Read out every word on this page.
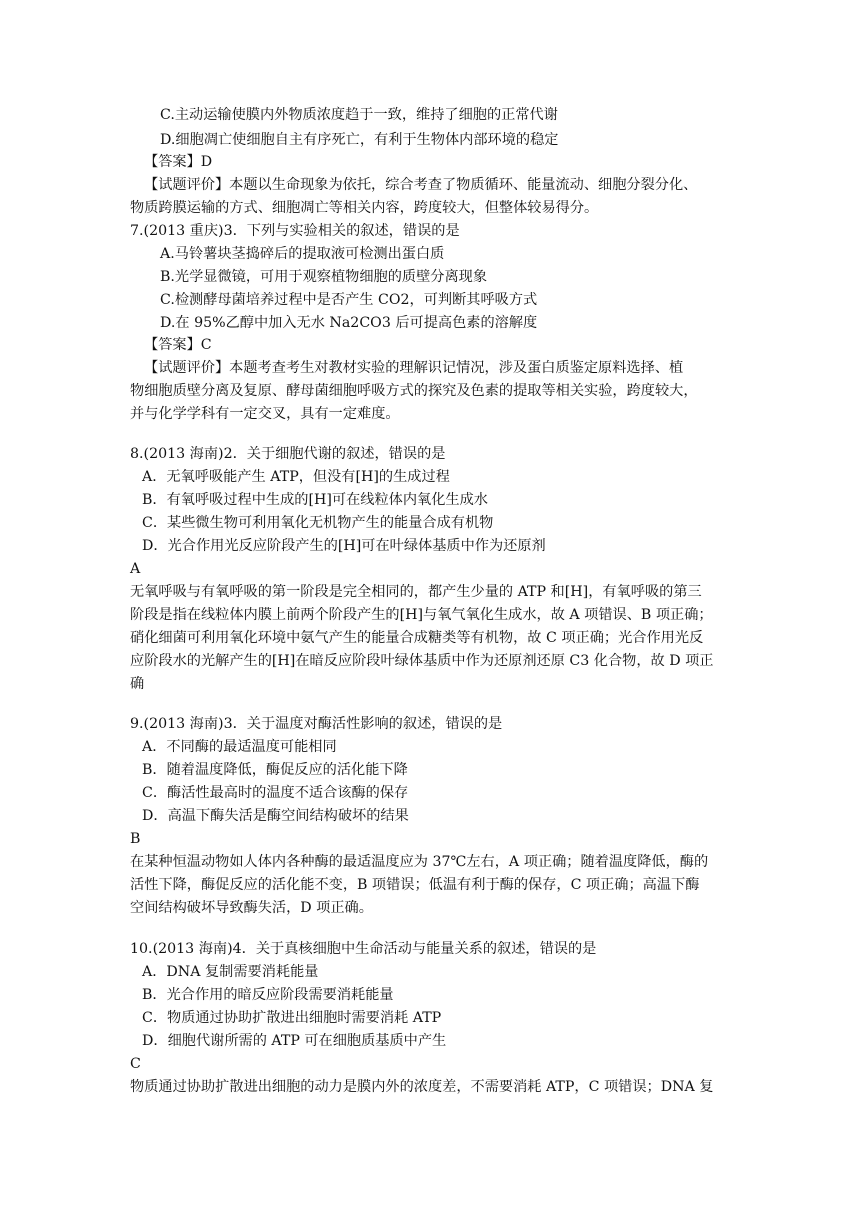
C.主动运输使膜内外物质浓度趋于一致，维持了细胞的正常代谢
D.细胞凋亡使细胞自主有序死亡，有利于生物体内部环境的稳定
【答案】D
【试题评价】本题以生命现象为依托，综合考查了物质循环、能量流动、细胞分裂分化、
物质跨膜运输的方式、细胞凋亡等相关内容，跨度较大，但整体较易得分。
7.(2013 重庆)3．下列与实验相关的叙述，错误的是
A.马铃薯块茎捣碎后的提取液可检测出蛋白质
B.光学显微镜，可用于观察植物细胞的质壁分离现象
C.检测酵母菌培养过程中是否产生 CO2，可判断其呼吸方式
D.在 95%乙醇中加入无水 Na2CO3 后可提高色素的溶解度
【答案】C
【试题评价】本题考查考生对教材实验的理解识记情况，涉及蛋白质鉴定原料选择、植
物细胞质壁分离及复原、酵母菌细胞呼吸方式的探究及色素的提取等相关实验，跨度较大，
并与化学学科有一定交叉，具有一定难度。
8.(2013 海南)2．关于细胞代谢的叙述，错误的是
A．无氧呼吸能产生 ATP，但没有[H]的生成过程
B．有氧呼吸过程中生成的[H]可在线粒体内氧化生成水
C．某些微生物可利用氧化无机物产生的能量合成有机物
D．光合作用光反应阶段产生的[H]可在叶绿体基质中作为还原剂
A
无氧呼吸与有氧呼吸的第一阶段是完全相同的，都产生少量的 ATP 和[H]，有氧呼吸的第三
阶段是指在线粒体内膜上前两个阶段产生的[H]与氧气氧化生成水，故 A 项错误、B 项正确；
硝化细菌可利用氧化环境中氨气产生的能量合成糖类等有机物，故 C 项正确；光合作用光反
应阶段水的光解产生的[H]在暗反应阶段叶绿体基质中作为还原剂还原 C3 化合物，故 D 项正
确
9.(2013 海南)3．关于温度对酶活性影响的叙述，错误的是
A．不同酶的最适温度可能相同
B．随着温度降低，酶促反应的活化能下降
C．酶活性最高时的温度不适合该酶的保存
D．高温下酶失活是酶空间结构破坏的结果
B
在某种恒温动物如人体内各种酶的最适温度应为 37℃左右，A 项正确；随着温度降低，酶的
活性下降，酶促反应的活化能不变，B 项错误；低温有利于酶的保存，C 项正确；高温下酶
空间结构破坏导致酶失活，D 项正确。
10.(2013 海南)4．关于真核细胞中生命活动与能量关系的叙述，错误的是
A．DNA 复制需要消耗能量
B．光合作用的暗反应阶段需要消耗能量
C．物质通过协助扩散进出细胞时需要消耗 ATP
D．细胞代谢所需的 ATP 可在细胞质基质中产生
C
物质通过协助扩散进出细胞的动力是膜内外的浓度差，不需要消耗 ATP，C 项错误；DNA 复
